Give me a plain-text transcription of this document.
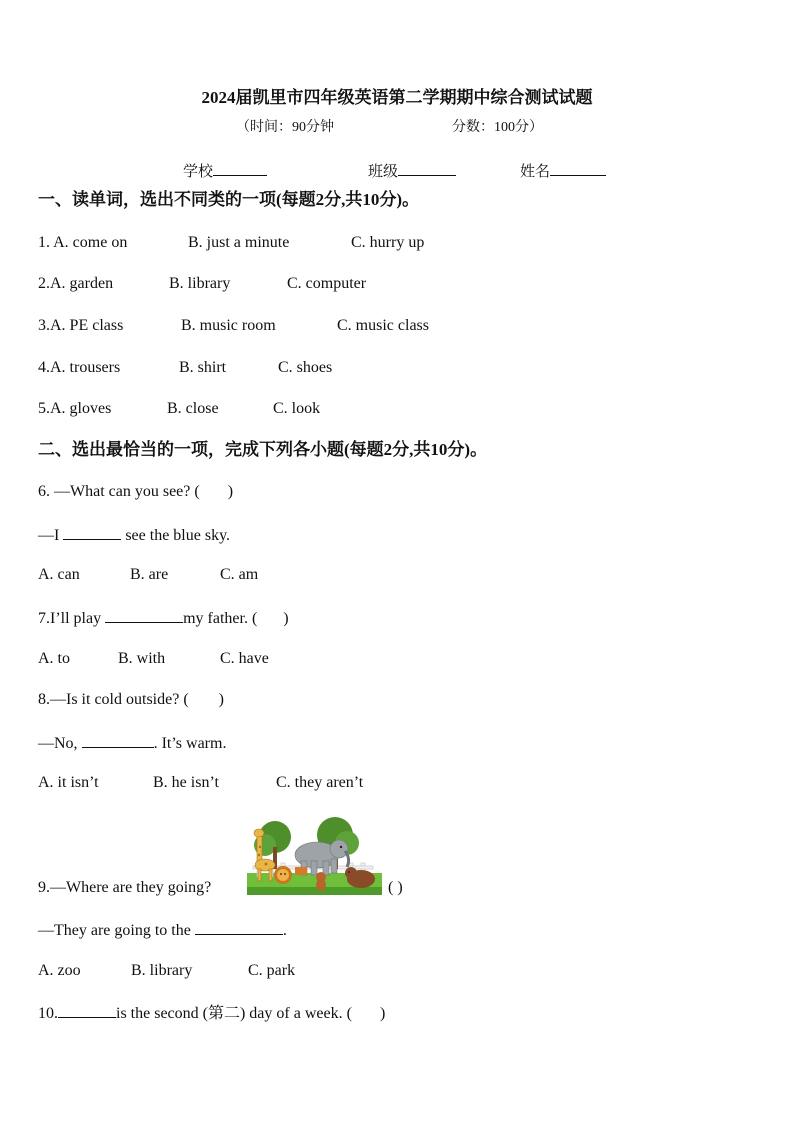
2024届凯里市四年级英语第二学期期中综合测试试题
（时间：90分钟	分数：100分）
学校	班级	姓名
一、读单词，选出不同类的一项(每题2分,共10分)。
1. A. come on	B. just a minute	C. hurry up
2.A. garden	B. library	C. computer
3.A. PE class	B. music room	C. music class
4.A. trousers	B. shirt	C. shoes
5.A. gloves	B. close	C. look
二、选出最恰当的一项，完成下列各小题(每题2分,共10分)。
6. —What can you see? ( )
—I	see the blue sky.
A. can	B. are	C. am
7.I’ll play	my father. ( )
A. to	B. with	C. have
8.—Is it cold outside? ( )
—No,	. It’s warm.
A. it isn’t	B. he isn’t	C. they aren’t
9.—Where are they going?	( )
—They are going to the	.
A. zoo	B. library	C. park
10.	is the second (第二) day of a week. ( )
